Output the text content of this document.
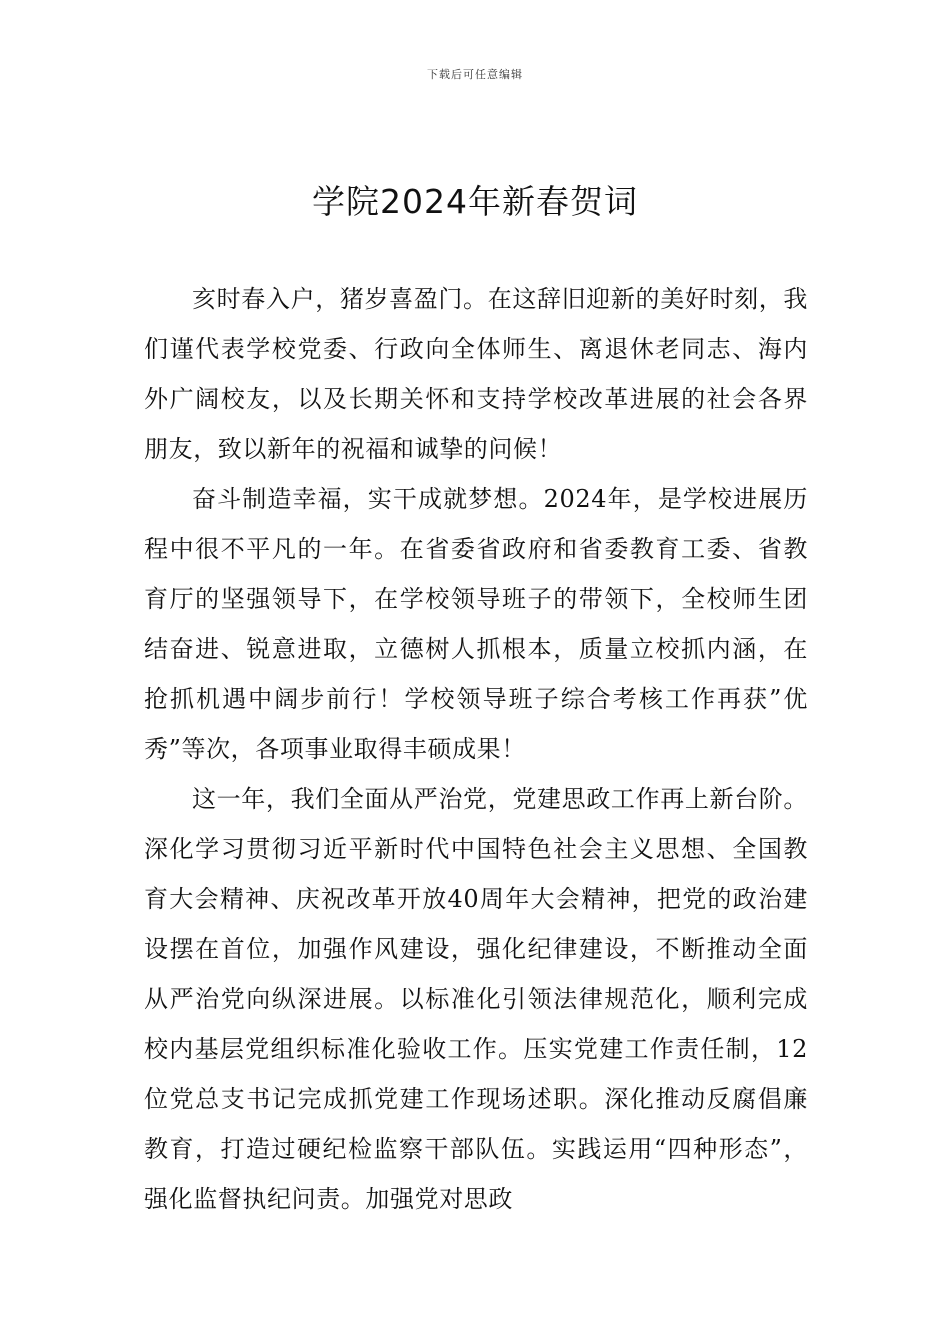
下载后可任意编辑
学院2024年新春贺词

亥时春入户，猪岁喜盈门。在这辞旧迎新的美好时刻，我们谨代表学校党委、行政向全体师生、离退休老同志、海内外广阔校友，以及长期关怀和支持学校改革进展的社会各界朋友，致以新年的祝福和诚挚的问候！

奋斗制造幸福，实干成就梦想。2024年，是学校进展历程中很不平凡的一年。在省委省政府和省委教育工委、省教育厅的坚强领导下，在学校领导班子的带领下，全校师生团结奋进、锐意进取，立德树人抓根本，质量立校抓内涵，在抢抓机遇中阔步前行！学校领导班子综合考核工作再获”优秀”等次，各项事业取得丰硕成果！

这一年，我们全面从严治党，党建思政工作再上新台阶。深化学习贯彻习近平新时代中国特色社会主义思想、全国教育大会精神、庆祝改革开放40周年大会精神，把党的政治建设摆在首位，加强作风建设，强化纪律建设，不断推动全面从严治党向纵深进展。以标准化引领法律规范化，顺利完成校内基层党组织标准化验收工作。压实党建工作责任制，12位党总支书记完成抓党建工作现场述职。深化推动反腐倡廉教育，打造过硬纪检监察干部队伍。实践运用“四种形态”，强化监督执纪问责。加强党对思政
